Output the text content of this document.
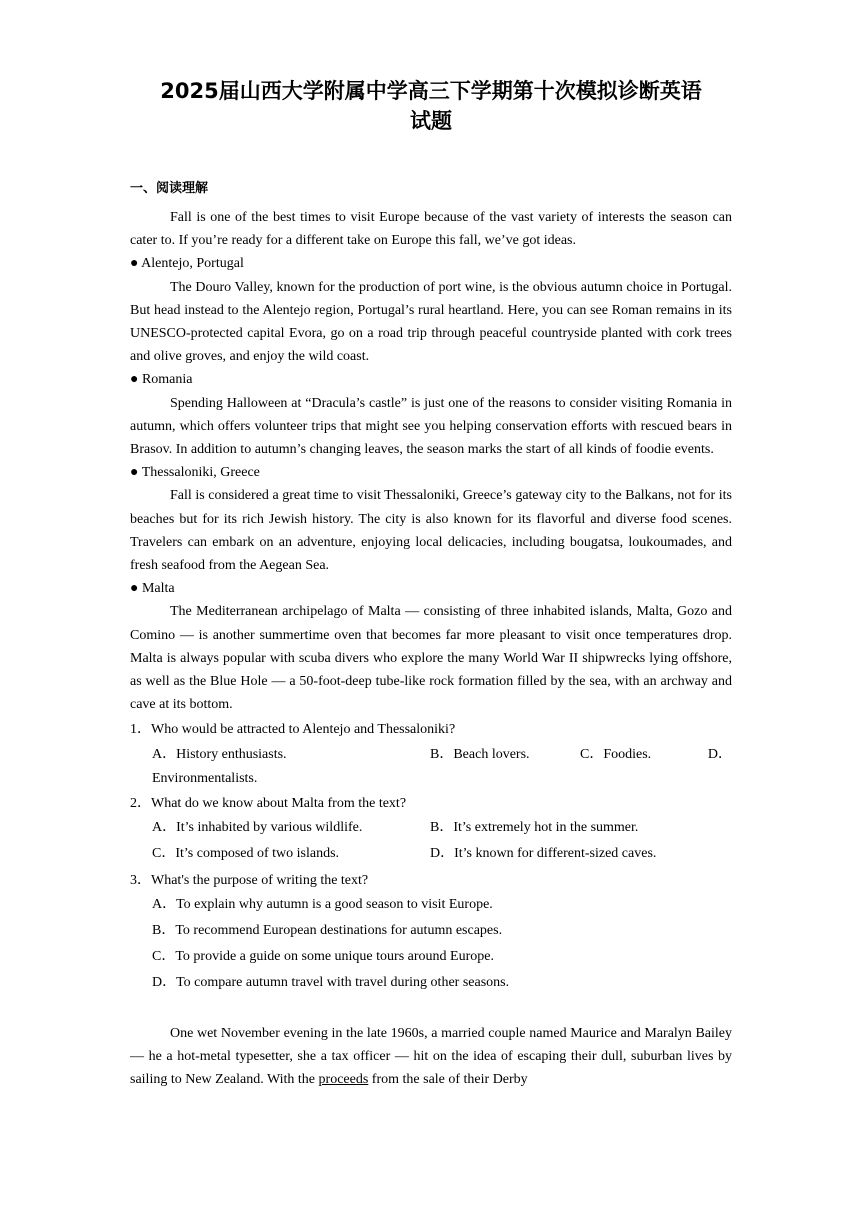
2025届山西大学附属中学高三下学期第十次模拟诊断英语
试题
一、阅读理解

Fall is one of the best times to visit Europe because of the vast variety of interests the season can cater to. If you’re ready for a different take on Europe this fall, we’ve got ideas.

● Alentejo, Portugal

The Douro Valley, known for the production of port wine, is the obvious autumn choice in Portugal. But head instead to the Alentejo region, Portugal’s rural heartland. Here, you can see Roman remains in its UNESCO-protected capital Evora, go on a road trip through peaceful countryside planted with cork trees and olive groves, and enjoy the wild coast.

● Romania

Spending Halloween at “Dracula’s castle” is just one of the reasons to consider visiting Romania in autumn, which offers volunteer trips that might see you helping conservation efforts with rescued bears in Brasov. In addition to autumn’s changing leaves, the season marks the start of all kinds of foodie events.

● Thessaloniki, Greece

Fall is considered a great time to visit Thessaloniki, Greece’s gateway city to the Balkans, not for its beaches but for its rich Jewish history. The city is also known for its flavorful and diverse food scenes. Travelers can embark on an adventure, enjoying local delicacies, including bougatsa, loukoumades, and fresh seafood from the Aegean Sea.

● Malta

The Mediterranean archipelago of Malta — consisting of three inhabited islands, Malta, Gozo and Comino — is another summertime oven that becomes far more pleasant to visit once temperatures drop. Malta is always popular with scuba divers who explore the many World War II shipwrecks lying offshore, as well as the Blue Hole — a 50-foot-deep tube-like rock formation filled by the sea, with an archway and cave at its bottom.

1．Who would be attracted to Alentejo and Thessaloniki?
A．History enthusiasts.	B．Beach lovers.	C．Foodies.	D．
Environmentalists.
2．What do we know about Malta from the text?
A．It’s inhabited by various wildlife.	B．It’s extremely hot in the summer.
C．It’s composed of two islands.	D．It’s known for different-sized caves.
3．What's the purpose of writing the text?
A．To explain why autumn is a good season to visit Europe.
B．To recommend European destinations for autumn escapes.
C．To provide a guide on some unique tours around Europe.
D．To compare autumn travel with travel during other seasons.

One wet November evening in the late 1960s, a married couple named Maurice and Maralyn Bailey — he a hot-metal typesetter, she a tax officer — hit on the idea of escaping their dull, suburban lives by sailing to New Zealand. With the proceeds from the sale of their Derby
